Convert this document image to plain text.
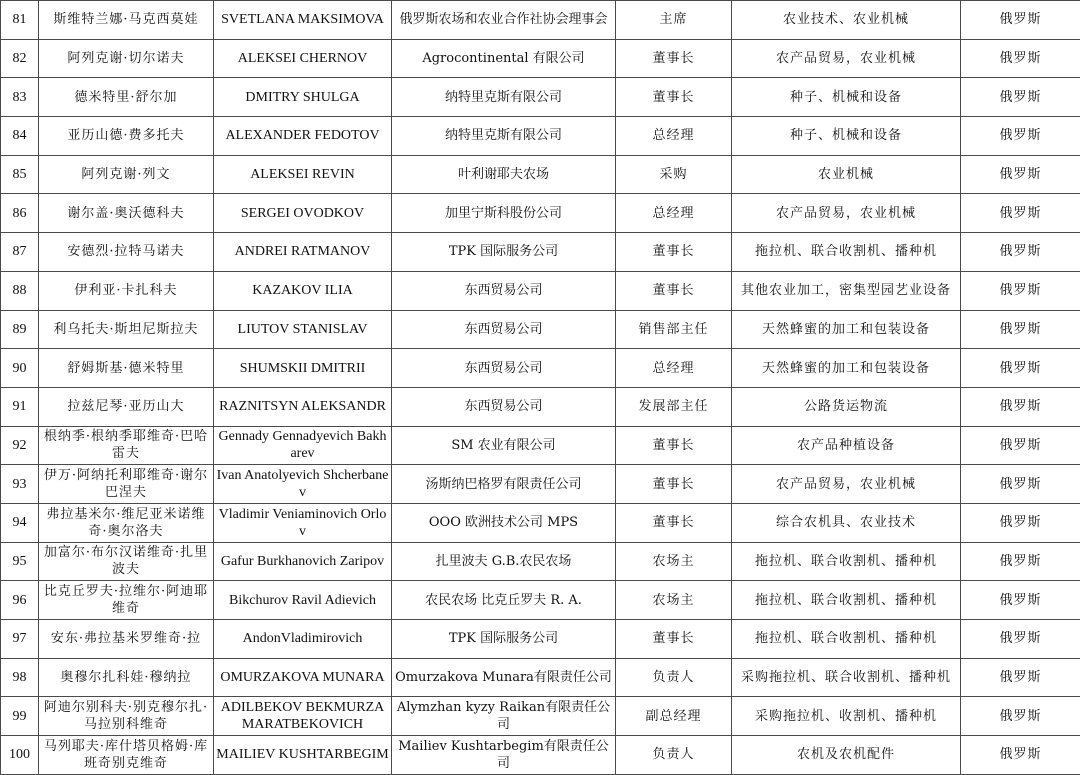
81	斯维特兰娜·马克西莫娃	SVETLANA MAKSIMOVA	俄罗斯农场和农业合作社协会理事会	主席	农业技术、农业机械	俄罗斯
82	阿列克谢·切尔诺夫	ALEKSEI CHERNOV	Agrocontinental 有限公司	董事长	农产品贸易，农业机械	俄罗斯
83	德米特里·舒尔加	DMITRY SHULGA	纳特里克斯有限公司	董事长	种子、机械和设备	俄罗斯
84	亚历山德·费多托夫	ALEXANDER FEDOTOV	纳特里克斯有限公司	总经理	种子、机械和设备	俄罗斯
85	阿列克谢·列文	ALEKSEI REVIN	叶利谢耶夫农场	采购	农业机械	俄罗斯
86	谢尔盖·奥沃德科夫	SERGEI OVODKOV	加里宁斯科股份公司	总经理	农产品贸易，农业机械	俄罗斯
87	安德烈·拉特马诺夫	ANDREI RATMANOV	TPK 国际服务公司	董事长	拖拉机、联合收割机、播种机	俄罗斯
88	伊利亚·卡扎科夫	KAZAKOV ILIA	东西贸易公司	董事长	其他农业加工，密集型园艺业设备	俄罗斯
89	利乌托夫·斯坦尼斯拉夫	LIUTOV STANISLAV	东西贸易公司	销售部主任	天然蜂蜜的加工和包装设备	俄罗斯
90	舒姆斯基·德米特里	SHUMSKII DMITRII	东西贸易公司	总经理	天然蜂蜜的加工和包装设备	俄罗斯
91	拉兹尼琴·亚历山大	RAZNITSYN ALEKSANDR	东西贸易公司	发展部主任	公路货运物流	俄罗斯
92	根纳季·根纳季耶维奇·巴哈雷夫	Gennady Gennadyevich Bakharev	SM 农业有限公司	董事长	农产品种植设备	俄罗斯
93	伊万·阿纳托利耶维奇·谢尔巴涅夫	Ivan Anatolyevich Shcherbanev	汤斯纳巴格罗有限责任公司	董事长	农产品贸易，农业机械	俄罗斯
94	弗拉基米尔·维尼亚米诺维奇·奥尔洛夫	Vladimir Veniaminovich Orlov	OOO 欧洲技术公司 MPS	董事长	综合农机具、农业技术	俄罗斯
95	加富尔·布尔汉诺维奇·扎里波夫	Gafur Burkhanovich Zaripov	扎里波夫 G.B.农民农场	农场主	拖拉机、联合收割机、播种机	俄罗斯
96	比克丘罗夫·拉维尔·阿迪耶维奇	Bikchurov Ravil Adievich	农民农场 比克丘罗夫 R. A.	农场主	拖拉机、联合收割机、播种机	俄罗斯
97	安东·弗拉基米罗维奇·拉	AndonVladimirovich	TPK 国际服务公司	董事长	拖拉机、联合收割机、播种机	俄罗斯
98	奥穆尔扎科娃·穆纳拉	OMURZAKOVA MUNARA	Omurzakova Munara有限责任公司	负责人	采购拖拉机、联合收割机、播种机	俄罗斯
99	阿迪尔别科夫·别克穆尔扎·马拉别科维奇	ADILBEKOV BEKMURZA MARATBEKOVICH	Alymzhan kyzy Raikan有限责任公司	副总经理	采购拖拉机、收割机、播种机	俄罗斯
100	马列耶夫·库什塔贝格姆·库班奇别克维奇	MAILIEV KUSHTARBEGIM	Mailiev Kushtarbegim有限责任公司	负责人	农机及农机配件	俄罗斯
